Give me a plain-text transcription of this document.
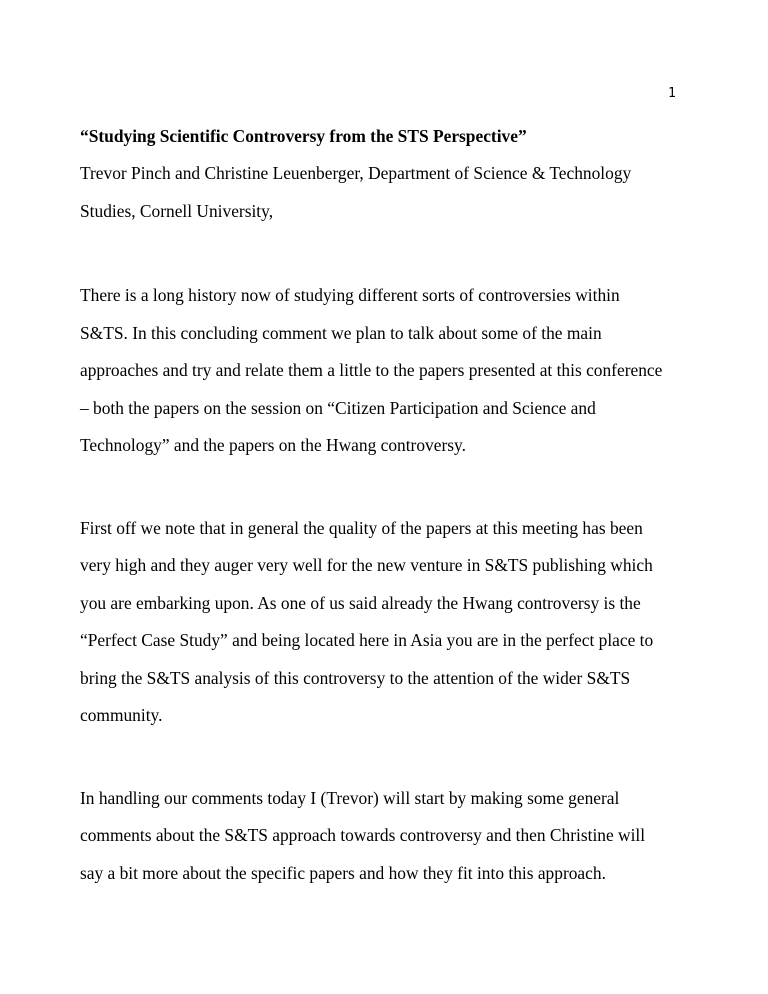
1
“Studying Scientific Controversy from the STS Perspective”
Trevor Pinch and Christine Leuenberger, Department of Science & Technology
Studies, Cornell University,
There is a long history now of studying different sorts of controversies within
S&TS. In this concluding comment we plan to talk about some of the main
approaches and try and relate them a little to the papers presented at this conference
– both the papers on the session on “Citizen Participation and Science and
Technology” and the papers on the Hwang controversy.
First off we note that in general the quality of the papers at this meeting has been
very high and they auger very well for the new venture in S&TS publishing which
you are embarking upon. As one of us said already the Hwang controversy is the
“Perfect Case Study” and being located here in Asia you are in the perfect place to
bring the S&TS analysis of this controversy to the attention of the wider S&TS
community.
In handling our comments today I (Trevor) will start by making some general
comments about the S&TS approach towards controversy and then Christine will
say a bit more about the specific papers and how they fit into this approach.
